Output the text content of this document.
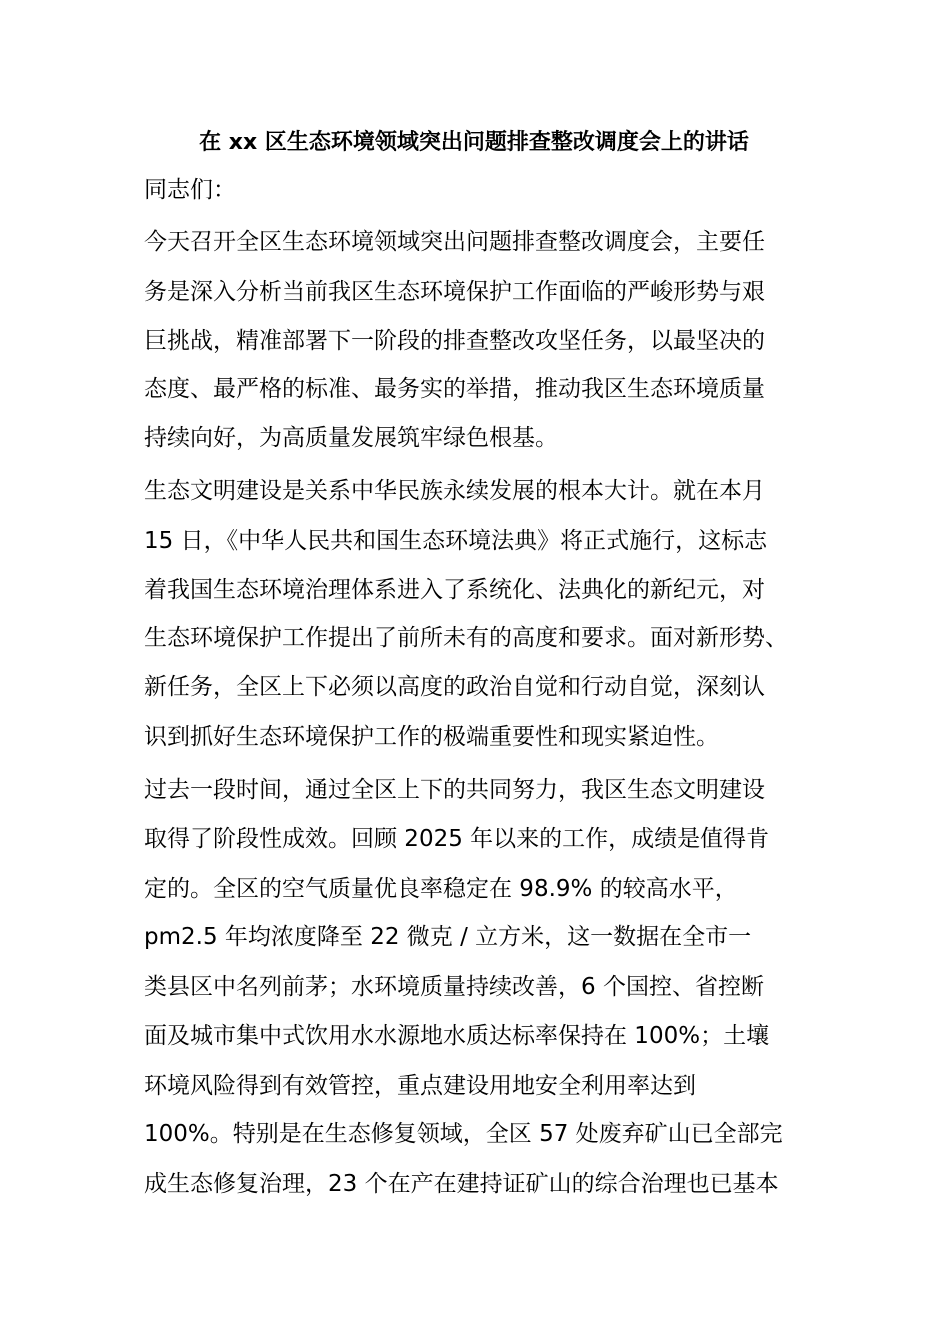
在 xx 区生态环境领域突出问题排查整改调度会上的讲话
同志们：
今天召开全区生态环境领域突出问题排查整改调度会，主要任
务是深入分析当前我区生态环境保护工作面临的严峻形势与艰
巨挑战，精准部署下一阶段的排查整改攻坚任务，以最坚决的
态度、最严格的标准、最务实的举措，推动我区生态环境质量
持续向好，为高质量发展筑牢绿色根基。
生态文明建设是关系中华民族永续发展的根本大计。就在本月
15 日，《中华人民共和国生态环境法典》将正式施行，这标志
着我国生态环境治理体系进入了系统化、法典化的新纪元，对
生态环境保护工作提出了前所未有的高度和要求。面对新形势、
新任务，全区上下必须以高度的政治自觉和行动自觉，深刻认
识到抓好生态环境保护工作的极端重要性和现实紧迫性。
过去一段时间，通过全区上下的共同努力，我区生态文明建设
取得了阶段性成效。回顾 2025 年以来的工作，成绩是值得肯
定的。全区的空气质量优良率稳定在 98.9% 的较高水平，
pm2.5 年均浓度降至 22 微克 / 立方米，这一数据在全市一
类县区中名列前茅；水环境质量持续改善，6 个国控、省控断
面及城市集中式饮用水水源地水质达标率保持在 100%；土壤
环境风险得到有效管控，重点建设用地安全利用率达到
100%。特别是在生态修复领域，全区 57 处废弃矿山已全部完
成生态修复治理，23 个在产在建持证矿山的综合治理也已基本
